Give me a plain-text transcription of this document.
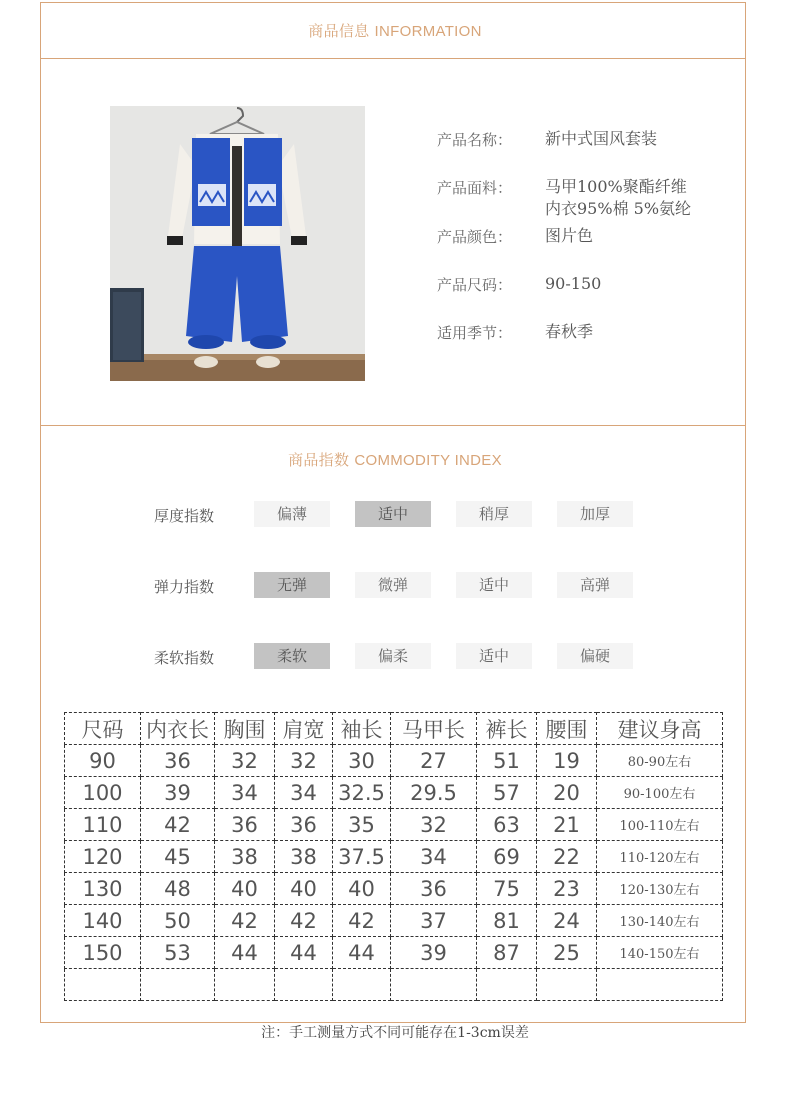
商品信息 INFORMATION
产品名称： 新中式国风套装
产品面料： 马甲100%聚酯纤维
内衣95%棉 5%氨纶
产品颜色： 图片色
产品尺码： 90-150
适用季节： 春秋季
商品指数 COMMODITY INDEX
厚度指数	偏薄	适中	稍厚	加厚
弹力指数	无弹	微弹	适中	高弹
柔软指数	柔软	偏柔	适中	偏硬
尺码	内衣长	胸围	肩宽	袖长	马甲长	裤长	腰围	建议身高
90	36	32	32	30	27	51	19	80-90左右
100	39	34	34	32.5	29.5	57	20	90-100左右
110	42	36	36	35	32	63	21	100-110左右
120	45	38	38	37.5	34	69	22	110-120左右
130	48	40	40	40	36	75	23	120-130左右
140	50	42	42	42	37	81	24	130-140左右
150	53	44	44	44	39	87	25	140-150左右

注：手工测量方式不同可能存在1-3cm误差
